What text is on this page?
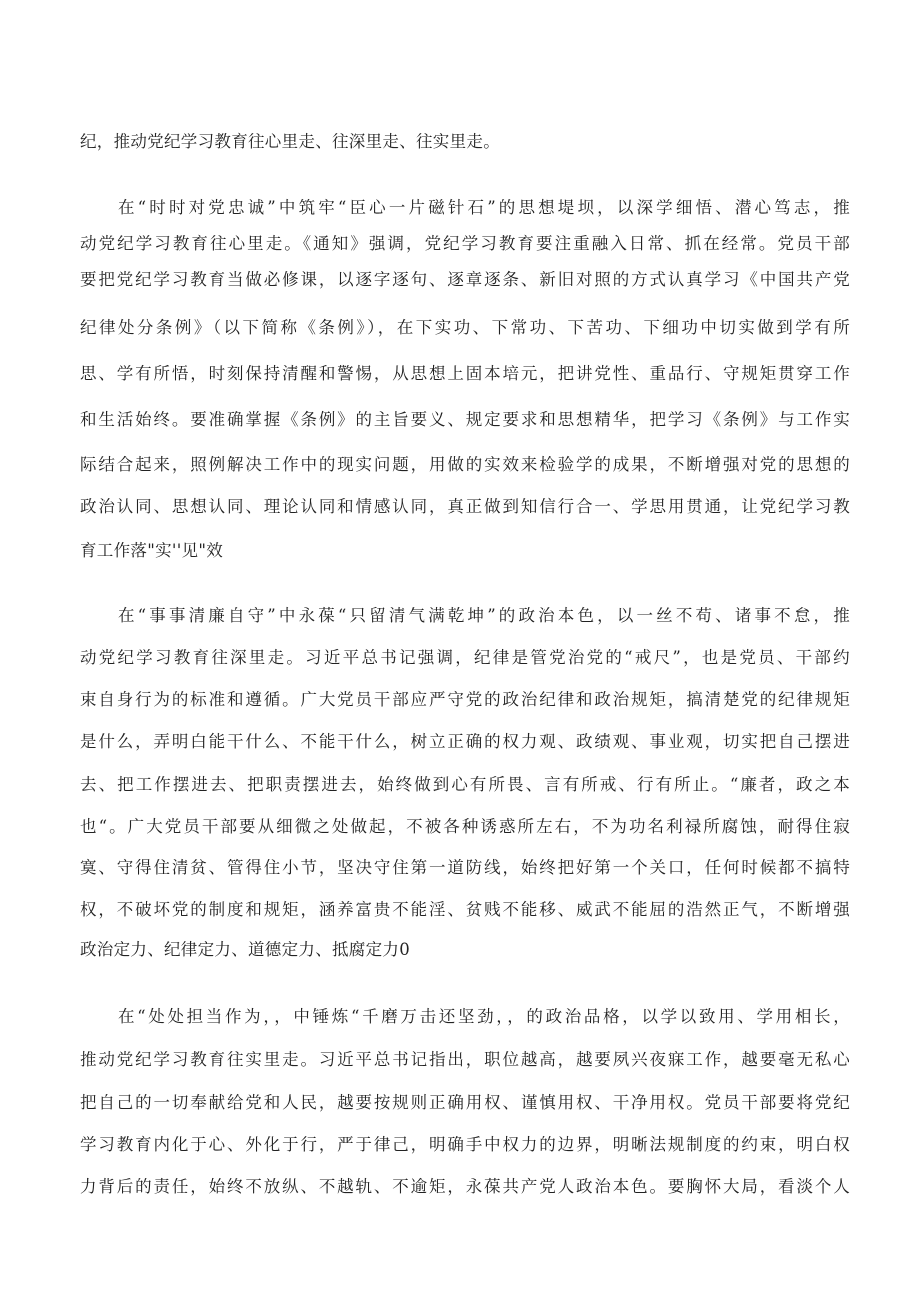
纪，推动党纪学习教育往心里走、往深里走、往实里走。
在“时时对党忠诚”中筑牢“臣心一片磁针石”的思想堤坝，以深学细悟、潜心笃志，推
动党纪学习教育往心里走。《通知》强调，党纪学习教育要注重融入日常、抓在经常。党员干部
要把党纪学习教育当做必修课，以逐字逐句、逐章逐条、新旧对照的方式认真学习《中国共产党
纪律处分条例》（以下简称《条例》），在下实功、下常功、下苦功、下细功中切实做到学有所
思、学有所悟，时刻保持清醒和警惕，从思想上固本培元，把讲党性、重品行、守规矩贯穿工作
和生活始终。要准确掌握《条例》的主旨要义、规定要求和思想精华，把学习《条例》与工作实
际结合起来，照例解决工作中的现实问题，用做的实效来检验学的成果，不断增强对党的思想的
政治认同、思想认同、理论认同和情感认同，真正做到知信行合一、学思用贯通，让党纪学习教
育工作落"实''见"效
在“事事清廉自守”中永葆“只留清气满乾坤”的政治本色，以一丝不苟、诸事不怠，推
动党纪学习教育往深里走。习近平总书记强调，纪律是管党治党的“戒尺”，也是党员、干部约
束自身行为的标准和遵循。广大党员干部应严守党的政治纪律和政治规矩，搞清楚党的纪律规矩
是什么，弄明白能干什么、不能干什么，树立正确的权力观、政绩观、事业观，切实把自己摆进
去、把工作摆进去、把职责摆进去，始终做到心有所畏、言有所戒、行有所止。“廉者，政之本
也“。广大党员干部要从细微之处做起，不被各种诱惑所左右，不为功名利禄所腐蚀，耐得住寂
寞、守得住清贫、管得住小节，坚决守住第一道防线，始终把好第一个关口，任何时候都不搞特
权，不破坏党的制度和规矩，涵养富贵不能淫、贫贱不能移、威武不能屈的浩然正气，不断增强
政治定力、纪律定力、道德定力、抵腐定力0
在“处处担当作为，，中锤炼“千磨万击还坚劲，，的政治品格，以学以致用、学用相长，
推动党纪学习教育往实里走。习近平总书记指出，职位越高，越要夙兴夜寐工作，越要毫无私心
把自己的一切奉献给党和人民，越要按规则正确用权、谨慎用权、干净用权。党员干部要将党纪
学习教育内化于心、外化于行，严于律己，明确手中权力的边界，明晰法规制度的约束，明白权
力背后的责任，始终不放纵、不越轨、不逾矩，永葆共产党人政治本色。要胸怀大局，看淡个人
